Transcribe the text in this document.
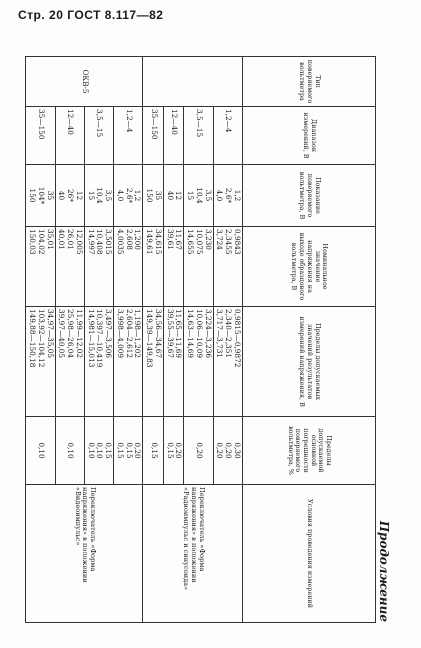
Стр. 20 ГОСТ 8.117—82
Продолжение
Тип поверяемого вольтметра	Диапазон измерений, В	Показание поверяемого вольтметра, В	Номинальное значение напряжения на выходе образцового вольтметра, В	Пределы допускаемых значений результатов измерений напряжения, В	Пределы допускаемой основной погрешности поверяемого вольтметра, %	Условия проведения измерений
	1,2—4	1,2
2,6*
4,0	0,9843
2,3455
3,724	0,9815—0,9872
2,340—2,351
3,717—3,731	0,30
0,20
0,20	Переключатель «Форма напряжения» в положении «Радиоимпульс и синусоида»
	3,5—15	3,5
10,4
15	3,230
10,075
14,655	3,224—3,236
10,06—10,09
14,63—14,69	0,20	
	12—40	12
40	11,67
39,61	11,65—11,69
39,55—39,67	0,20
0,15	
	35—150	35
150	34,615
149,61	34,56—34,67
149,39—149,83	0,15	
ОКВ-5	1,2—4	1,2
2,6*
4,0	1,200
2,608
4,0035	1,198—1,202
2,604—2,612
3,998—4,009	0,20
0,15
0,15	Переключатель «Форма напряжения» в положении «Видеоимпульс»
	3,5—15	3,5
10,4
15	3,5015
10,408
14,997	3,497—3,506
10,397—10,419
14,981—15,013	0,15
0,10
0,10	
	12—40	12
26*
40	12,005
26,01
40,01	11,99—12,02
25,98—26,04
39,97—40,05	0,10	
	35—150	35
104*
150	35,01
104,02
150,03	34,97—35,05
103,92—104,12
149,88—150,18	0,10	
